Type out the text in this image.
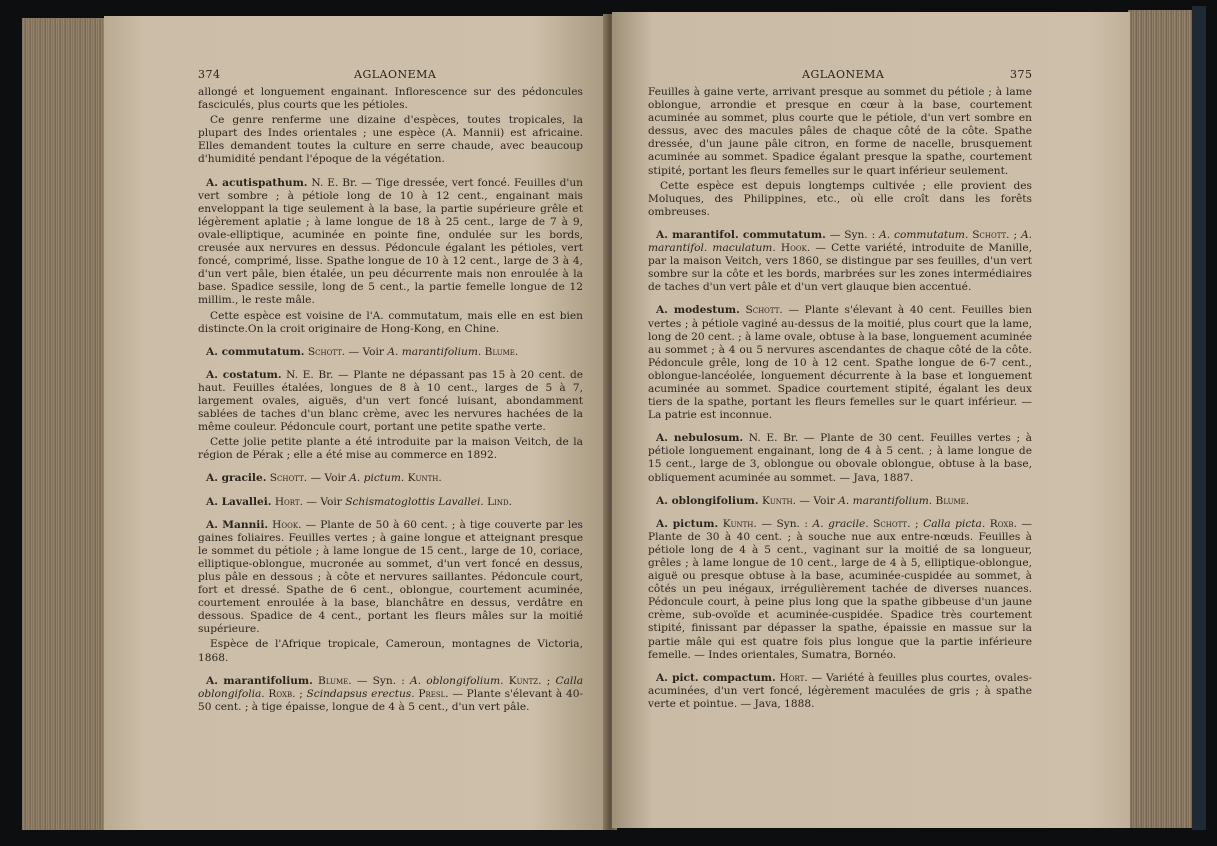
374	AGLAONEMA

allongé et longuement engainant. Inflorescence sur des pédoncules fasciculés, plus courts que les pétioles.

Ce genre renferme une dizaine d'espèces, toutes tropicales, la plupart des Indes orientales ; une espèce (A. Mannii) est africaine. Elles demandent toutes la culture en serre chaude, avec beaucoup d'humidité pendant l'époque de la végétation.

A. acutispathum. N. E. Br. — Tige dressée, vert foncé. Feuilles d'un vert sombre ; à pétiole long de 10 à 12 cent., engainant mais enveloppant la tige seulement à la base, la partie supérieure grêle et légèrement aplatie ; à lame longue de 18 à 25 cent., large de 7 à 9, ovale-elliptique, acuminée en pointe fine, ondulée sur les bords, creusée aux nervures en dessus. Pédoncule égalant les pétioles, vert foncé, comprimé, lisse. Spathe longue de 10 à 12 cent., large de 3 à 4, d'un vert pâle, bien étalée, un peu décurrente mais non enroulée à la base. Spadice sessile, long de 5 cent., la partie femelle longue de 12 millim., le reste mâle.

Cette espèce est voisine de l'A. commutatum, mais elle en est bien distincte.On la croit originaire de Hong-Kong, en Chine.

A. commutatum. Schott. — Voir A. marantifolium. Blume.

A. costatum. N. E. Br. — Plante ne dépassant pas 15 à 20 cent. de haut. Feuilles étalées, longues de 8 à 10 cent., larges de 5 à 7, largement ovales, aiguës, d'un vert foncé luisant, abondamment sablées de taches d'un blanc crème, avec les nervures hachées de la même couleur. Pédoncule court, portant une petite spathe verte.

Cette jolie petite plante a été introduite par la maison Veitch, de la région de Pérak ; elle a été mise au commerce en 1892.

A. gracile. Schott. — Voir A. pictum. Kunth.

A. Lavallei. Hort. — Voir Schismatoglottis Lavallei. Lind.

A. Mannii. Hook. — Plante de 50 à 60 cent. ; à tige couverte par les gaines foliaires. Feuilles vertes ; à gaine longue et atteignant presque le sommet du pétiole ; à lame longue de 15 cent., large de 10, coriace, elliptique-oblongue, mucronée au sommet, d'un vert foncé en dessus, plus pâle en dessous ; à côte et nervures saillantes. Pédoncule court, fort et dressé. Spathe de 6 cent., oblongue, courtement acuminée, courtement enroulée à la base, blanchâtre en dessus, verdâtre en dessous. Spadice de 4 cent., portant les fleurs mâles sur la moitié supérieure.

Espèce de l'Afrique tropicale, Cameroun, montagnes de Victoria, 1868.

A. marantifolium. Blume. — Syn. : A. oblongifolium. Kuntz. ; Calla oblongifolia. Roxb. ; Scindapsus erectus. Presl. — Plante s'élevant à 40-50 cent. ; à tige épaisse, longue de 4 à 5 cent., d'un vert pâle.

AGLAONEMA	375

Feuilles à gaine verte, arrivant presque au sommet du pétiole ; à lame oblongue, arrondie et presque en cœur à la base, courtement acuminée au sommet, plus courte que le pétiole, d'un vert sombre en dessus, avec des macules pâles de chaque côté de la côte. Spathe dressée, d'un jaune pâle citron, en forme de nacelle, brusquement acuminée au sommet. Spadice égalant presque la spathe, courtement stipité, portant les fleurs femelles sur le quart inférieur seulement.

Cette espèce est depuis longtemps cultivée ; elle provient des Moluques, des Philippines, etc., où elle croît dans les forêts ombreuses.

A. marantifol. commutatum. — Syn. : A. commutatum. Schott. ; A. marantifol. maculatum. Hook. — Cette variété, introduite de Manille, par la maison Veitch, vers 1860, se distingue par ses feuilles, d'un vert sombre sur la côte et les bords, marbrées sur les zones intermédiaires de taches d'un vert pâle et d'un vert glauque bien accentué.

A. modestum. Schott. — Plante s'élevant à 40 cent. Feuilles bien vertes ; à pétiole vaginé au-dessus de la moitié, plus court que la lame, long de 20 cent. ; à lame ovale, obtuse à la base, longuement acuminée au sommet ; à 4 ou 5 nervures ascendantes de chaque côté de la côte. Pédoncule grêle, long de 10 à 12 cent. Spathe longue de 6-7 cent., oblongue-lancéolée, longuement décurrente à la base et longuement acuminée au sommet. Spadice courtement stipité, égalant les deux tiers de la spathe, portant les fleurs femelles sur le quart inférieur. — La patrie est inconnue.

A. nebulosum. N. E. Br. — Plante de 30 cent. Feuilles vertes ; à pétiole longuement engainant, long de 4 à 5 cent. ; à lame longue de 15 cent., large de 3, oblongue ou obovale oblongue, obtuse à la base, obliquement acuminée au sommet. — Java, 1887.

A. oblongifolium. Kunth. — Voir A. marantifolium. Blume.

A. pictum. Kunth. — Syn. : A. gracile. Schott. ; Calla picta. Roxb. — Plante de 30 à 40 cent. ; à souche nue aux entre-nœuds. Feuilles à pétiole long de 4 à 5 cent., vaginant sur la moitié de sa longueur, grêles ; à lame longue de 10 cent., large de 4 à 5, elliptique-oblongue, aiguë ou presque obtuse à la base, acuminée-cuspidée au sommet, à côtés un peu inégaux, irrégulièrement tachée de diverses nuances. Pédoncule court, à peine plus long que la spathe gibbeuse d'un jaune crème, sub-ovoïde et acuminée-cuspidée. Spadice très courtement stipité, finissant par dépasser la spathe, épaissie en massue sur la partie mâle qui est quatre fois plus longue que la partie inférieure femelle. — Indes orientales, Sumatra, Bornéo.

A. pict. compactum. Hort. — Variété à feuilles plus courtes, ovales-acuminées, d'un vert foncé, légèrement maculées de gris ; à spathe verte et pointue. — Java, 1888.
